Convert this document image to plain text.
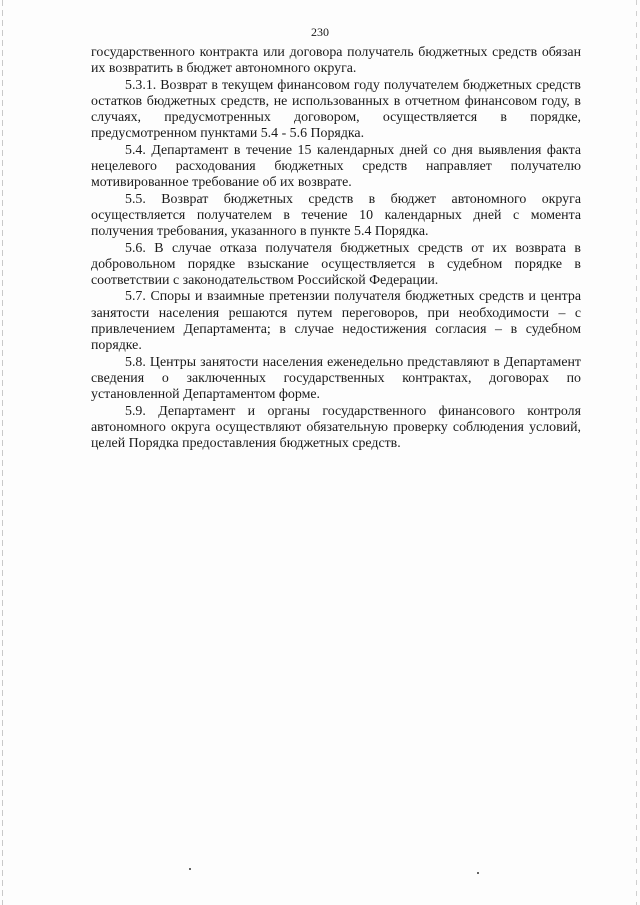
230

государственного контракта или договора получатель бюджетных средств обязан их возвратить в бюджет автономного округа.

5.3.1. Возврат в текущем финансовом году получателем бюджетных средств остатков бюджетных средств, не использованных в отчетном финансовом году, в случаях, предусмотренных договором, осуществляется в порядке, предусмотренном пунктами 5.4 - 5.6 Порядка.

5.4. Департамент в течение 15 календарных дней со дня выявления факта нецелевого расходования бюджетных средств направляет получателю мотивированное требование об их возврате.

5.5. Возврат бюджетных средств в бюджет автономного округа осуществляется получателем в течение 10 календарных дней с момента получения требования, указанного в пункте 5.4 Порядка.

5.6. В случае отказа получателя бюджетных средств от их возврата в добровольном порядке взыскание осуществляется в судебном порядке в соответствии с законодательством Российской Федерации.

5.7. Споры и взаимные претензии получателя бюджетных средств и центра занятости населения решаются путем переговоров, при необходимости – с привлечением Департамента; в случае недостижения согласия – в судебном порядке.

5.8. Центры занятости населения еженедельно представляют в Департамент сведения о заключенных государственных контрактах, договорах по установленной Департаментом форме.

5.9. Департамент и органы государственного финансового контроля автономного округа осуществляют обязательную проверку соблюдения условий, целей Порядка предоставления бюджетных средств.
